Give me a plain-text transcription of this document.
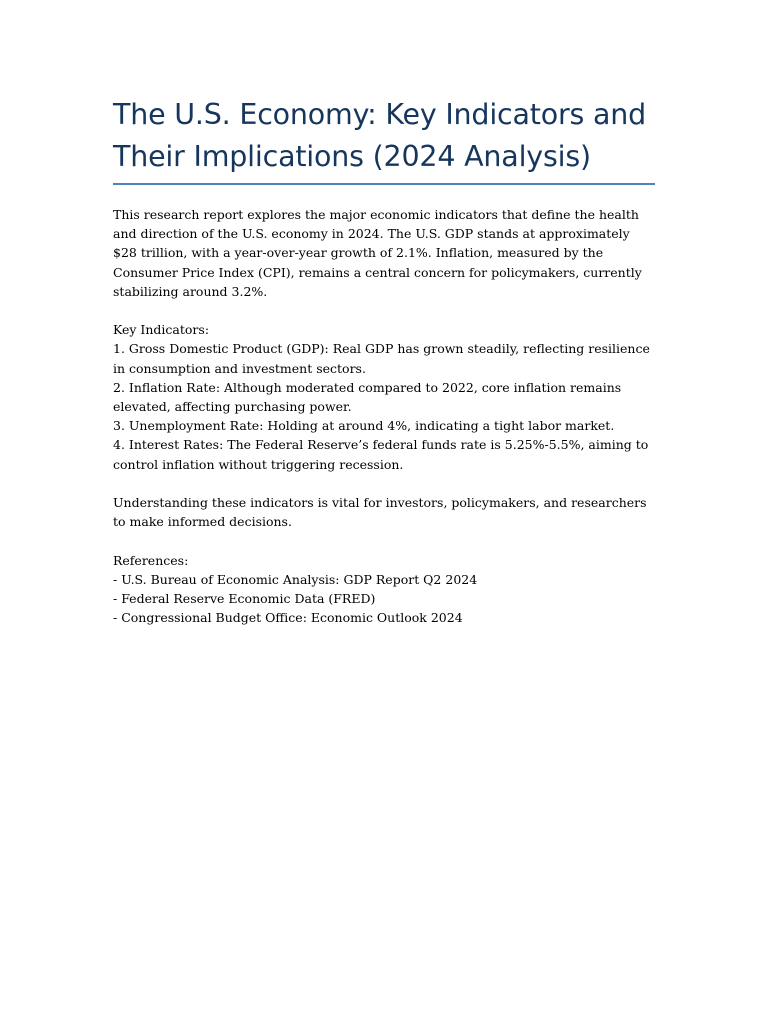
The U.S. Economy: Key Indicators and Their Implications (2024 Analysis)

This research report explores the major economic indicators that define the health and direction of the U.S. economy in 2024. The U.S. GDP stands at approximately $28 trillion, with a year-over-year growth of 2.1%. Inflation, measured by the Consumer Price Index (CPI), remains a central concern for policymakers, currently stabilizing around 3.2%.

Key Indicators:

1. Gross Domestic Product (GDP): Real GDP has grown steadily, reflecting resilience in consumption and investment sectors.

2. Inflation Rate: Although moderated compared to 2022, core inflation remains elevated, affecting purchasing power.

3. Unemployment Rate: Holding at around 4%, indicating a tight labor market.

4. Interest Rates: The Federal Reserve’s federal funds rate is 5.25%-5.5%, aiming to control inflation without triggering recession.

Understanding these indicators is vital for investors, policymakers, and researchers to make informed decisions.

References:

- U.S. Bureau of Economic Analysis: GDP Report Q2 2024

- Federal Reserve Economic Data (FRED)

- Congressional Budget Office: Economic Outlook 2024
